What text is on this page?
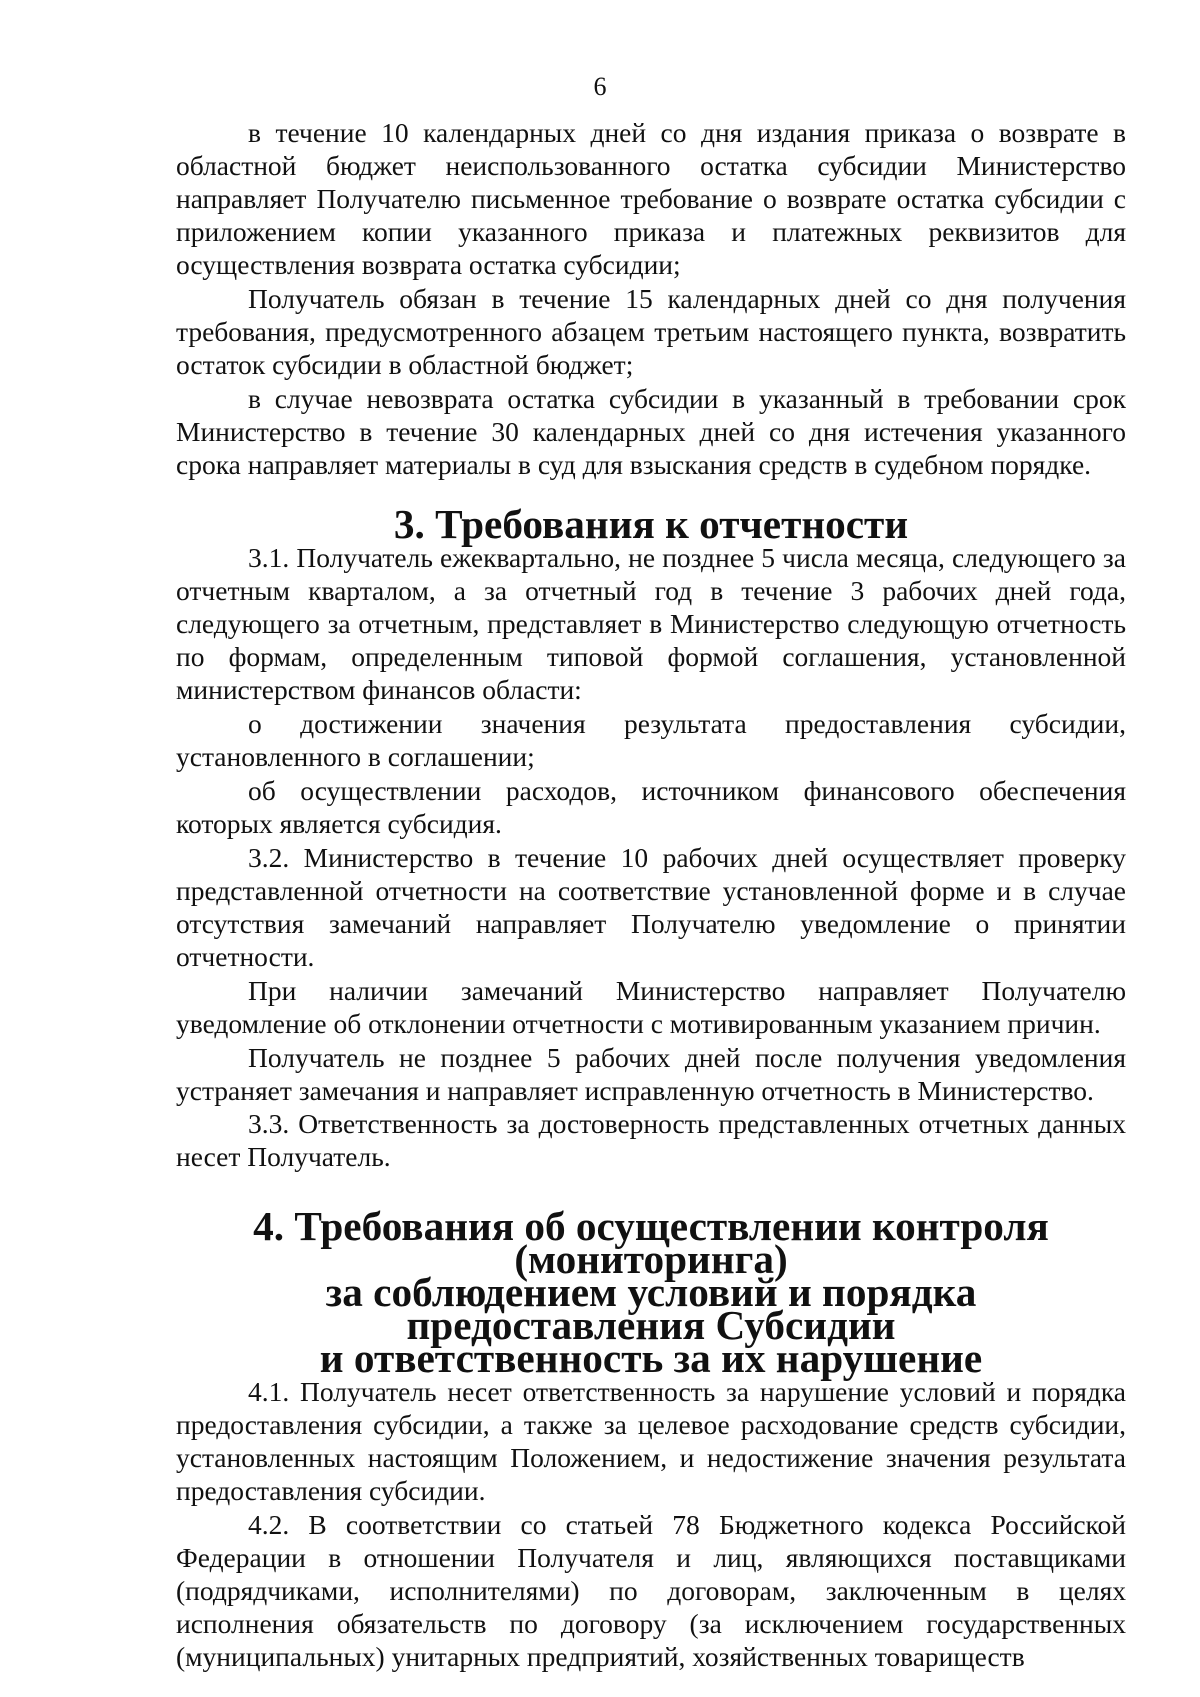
6

в течение 10 календарных дней со дня издания приказа о возврате в областной бюджет неиспользованного остатка субсидии Министерство направляет Получателю письменное требование о возврате остатка субсидии с приложением копии указанного приказа и платежных реквизитов для осуществления возврата остатка субсидии;

Получатель обязан в течение 15 календарных дней со дня получения требования, предусмотренного абзацем третьим настоящего пункта, возвратить остаток субсидии в областной бюджет;

в случае невозврата остатка субсидии в указанный в требовании срок Министерство в течение 30 календарных дней со дня истечения указанного срока направляет материалы в суд для взыскания средств в судебном порядке.

3. Требования к отчетности

3.1. Получатель ежеквартально, не позднее 5 числа месяца, следующего за отчетным кварталом, а за отчетный год в течение 3 рабочих дней года, следующего за отчетным, представляет в Министерство следующую отчетность по формам, определенным типовой формой соглашения, установленной министерством финансов области:

о достижении значения результата предоставления субсидии, установленного в соглашении;

об осуществлении расходов, источником финансового обеспечения которых является субсидия.

3.2. Министерство в течение 10 рабочих дней осуществляет проверку представленной отчетности на соответствие установленной форме и в случае отсутствия замечаний направляет Получателю уведомление о принятии отчетности.

При наличии замечаний Министерство направляет Получателю уведомление об отклонении отчетности с мотивированным указанием причин.

Получатель не позднее 5 рабочих дней после получения уведомления устраняет замечания и направляет исправленную отчетность в Министерство.

3.3. Ответственность за достоверность представленных отчетных данных несет Получатель.

4. Требования об осуществлении контроля (мониторинга)
за соблюдением условий и порядка предоставления Субсидии
и ответственность за их нарушение

4.1. Получатель несет ответственность за нарушение условий и порядка предоставления субсидии, а также за целевое расходование средств субсидии, установленных настоящим Положением, и недостижение значения результата предоставления субсидии.

4.2. В соответствии со статьей 78 Бюджетного кодекса Российской Федерации в отношении Получателя и лиц, являющихся поставщиками (подрядчиками, исполнителями) по договорам, заключенным в целях исполнения обязательств по договору (за исключением государственных (муниципальных) унитарных предприятий, хозяйственных товариществ
